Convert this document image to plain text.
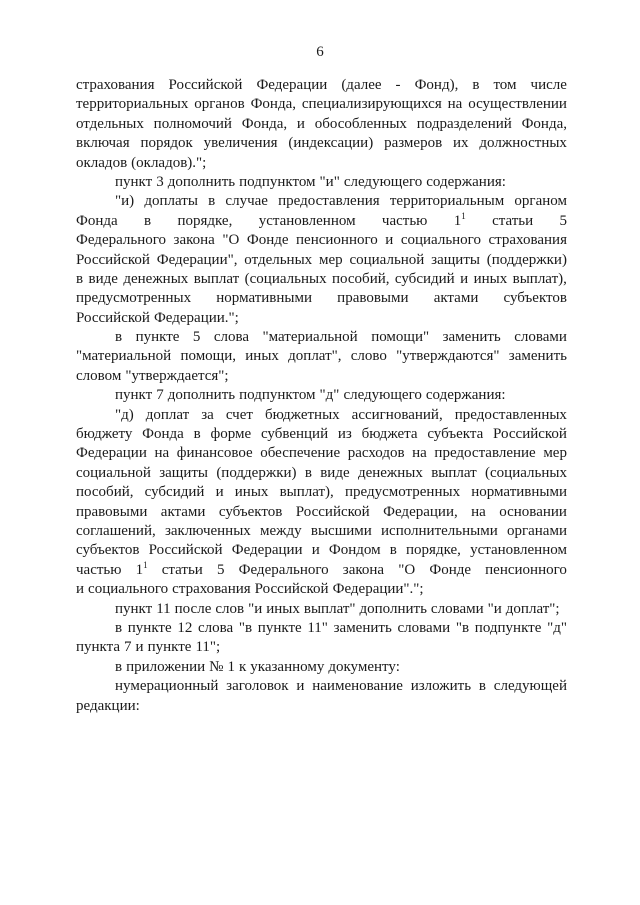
6
страхования Российской Федерации (далее - Фонд), в том числе
территориальных органов Фонда, специализирующихся на осуществлении
отдельных полномочий Фонда, и обособленных подразделений Фонда,
включая порядок увеличения (индексации) размеров их должностных
окладов (окладов).";
пункт 3 дополнить подпунктом "и" следующего содержания:
"и) доплаты в случае предоставления территориальным органом
Фонда в порядке, установленном частью $1^1$ статьи 5
Федерального закона "О Фонде пенсионного и социального страхования
Российской Федерации", отдельных мер социальной защиты (поддержки)
в виде денежных выплат (социальных пособий, субсидий и иных выплат),
предусмотренных нормативными правовыми актами субъектов
Российской Федерации.";
в пункте 5 слова "материальной помощи" заменить словами
"материальной помощи, иных доплат", слово "утверждаются" заменить
словом "утверждается";
пункт 7 дополнить подпунктом "д" следующего содержания:
"д) доплат за счет бюджетных ассигнований, предоставленных
бюджету Фонда в форме субвенций из бюджета субъекта Российской
Федерации на финансовое обеспечение расходов на предоставление мер
социальной защиты (поддержки) в виде денежных выплат (социальных
пособий, субсидий и иных выплат), предусмотренных нормативными
правовыми актами субъектов Российской Федерации, на основании
соглашений, заключенных между высшими исполнительными органами
субъектов Российской Федерации и Фондом в порядке, установленном
частью $1^1$ статьи 5 Федерального закона "О Фонде пенсионного
и социального страхования Российской Федерации".";
пункт 11 после слов "и иных выплат" дополнить словами "и доплат";
в пункте 12 слова "в пункте 11" заменить словами "в подпункте "д"
пункта 7 и пункте 11";
в приложении № 1 к указанному документу:
нумерационный заголовок и наименование изложить в следующей
редакции:
